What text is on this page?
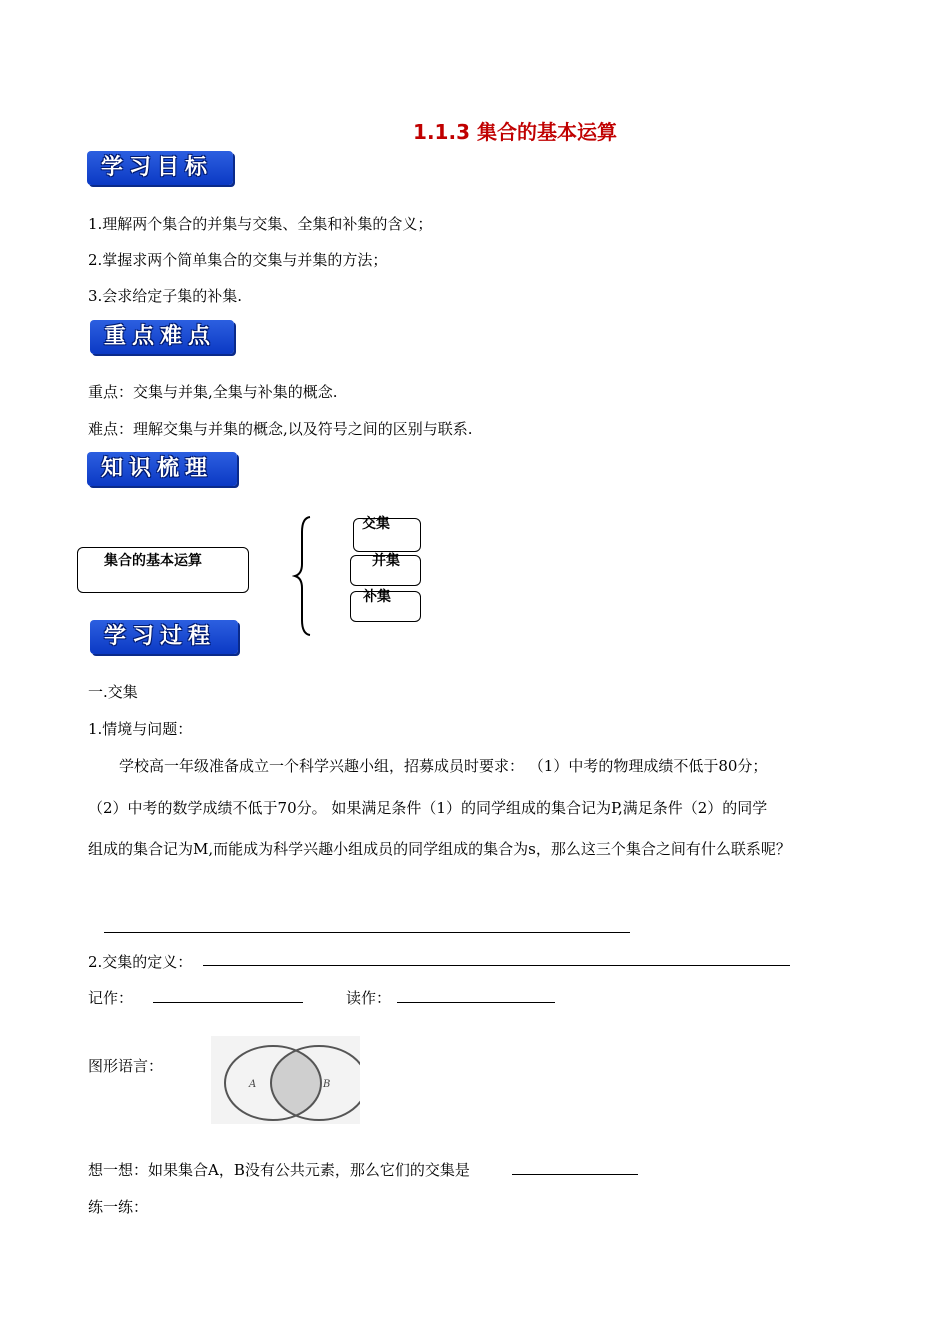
1.1.3 集合的基本运算
学习目标
1.理解两个集合的并集与交集、全集和补集的含义；
2.掌握求两个简单集合的交集与并集的方法；
3.会求给定子集的补集.
重点难点
重点：交集与并集,全集与补集的概念.
难点：理解交集与并集的概念,以及符号之间的区别与联系.
知识梳理
集合的基本运算
交集
并集
补集
学习过程
一.交集
1.情境与问题：
学校高一年级准备成立一个科学兴趣小组，招募成员时要求： （1）中考的物理成绩不低于80分；
（2）中考的数学成绩不低于70分。 如果满足条件（1）的同学组成的集合记为P,满足条件（2）的同学
组成的集合记为M,而能成为科学兴趣小组成员的同学组成的集合为s，那么这三个集合之间有什么联系呢？
2.交集的定义：
记作：	读作：
图形语言：
A	B
想一想：如果集合A，B没有公共元素，那么它们的交集是
练一练：
